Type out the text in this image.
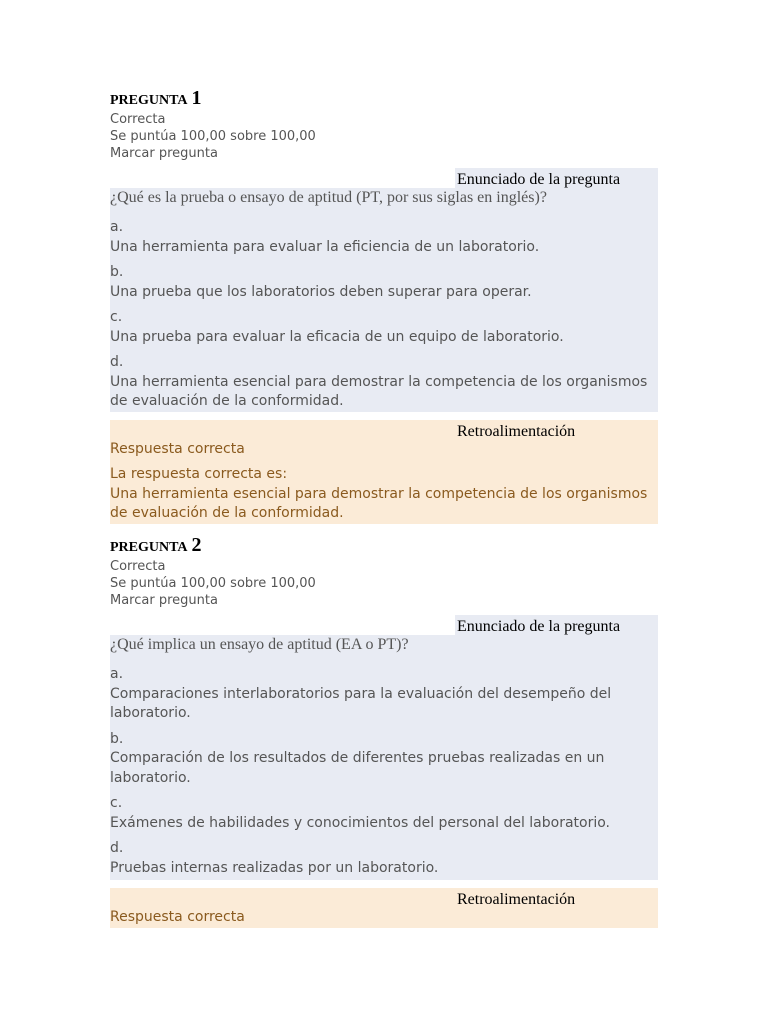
PREGUNTA 1
Correcta
Se puntúa 100,00 sobre 100,00
Marcar pregunta
Enunciado de la pregunta
¿Qué es la prueba o ensayo de aptitud (PT, por sus siglas en inglés)?
a.
Una herramienta para evaluar la eficiencia de un laboratorio.
b.
Una prueba que los laboratorios deben superar para operar.
c.
Una prueba para evaluar la eficacia de un equipo de laboratorio.
d.
Una herramienta esencial para demostrar la competencia de los organismos de evaluación de la conformidad.
Retroalimentación
Respuesta correcta
La respuesta correcta es:
Una herramienta esencial para demostrar la competencia de los organismos de evaluación de la conformidad.
PREGUNTA 2
Correcta
Se puntúa 100,00 sobre 100,00
Marcar pregunta
Enunciado de la pregunta
¿Qué implica un ensayo de aptitud (EA o PT)?
a.
Comparaciones interlaboratorios para la evaluación del desempeño del laboratorio.
b.
Comparación de los resultados de diferentes pruebas realizadas en un laboratorio.
c.
Exámenes de habilidades y conocimientos del personal del laboratorio.
d.
Pruebas internas realizadas por un laboratorio.
Retroalimentación
Respuesta correcta
